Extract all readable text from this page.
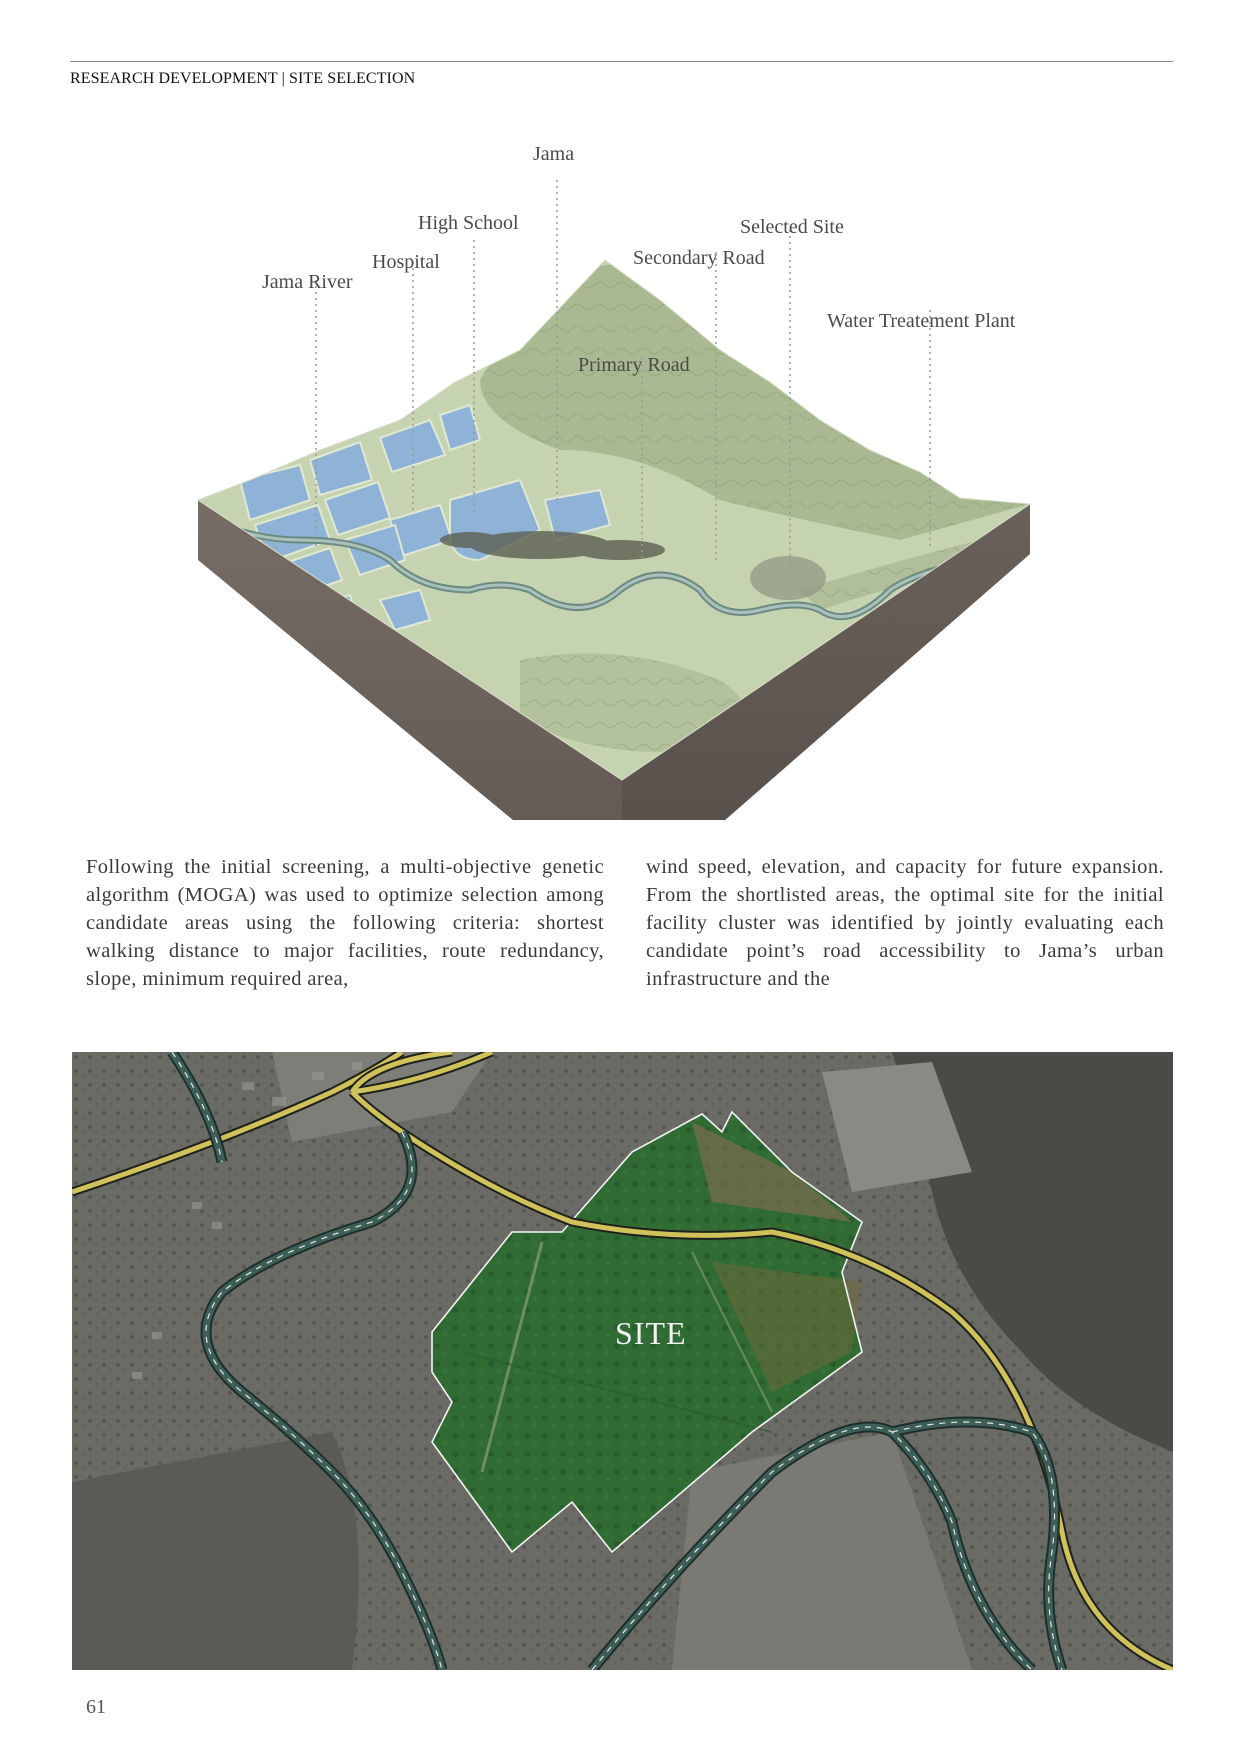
RESEARCH DEVELOPMENT | SITE SELECTION
Jama
High School
Hospital
Jama River
Selected Site
Secondary Road
Water Treatement Plant
Primary Road
Following the initial screening, a multi-objective genetic algorithm (MOGA) was used to optimize selection among candidate areas using the following criteria: shortest walking distance to major facilities, route redundancy, slope, minimum required area,
wind speed, elevation, and capacity for future expansion. From the shortlisted areas, the optimal site for the initial facility cluster was identified by jointly evaluating each candidate point’s road accessibility to Jama’s urban infrastructure and the
SITE
61
